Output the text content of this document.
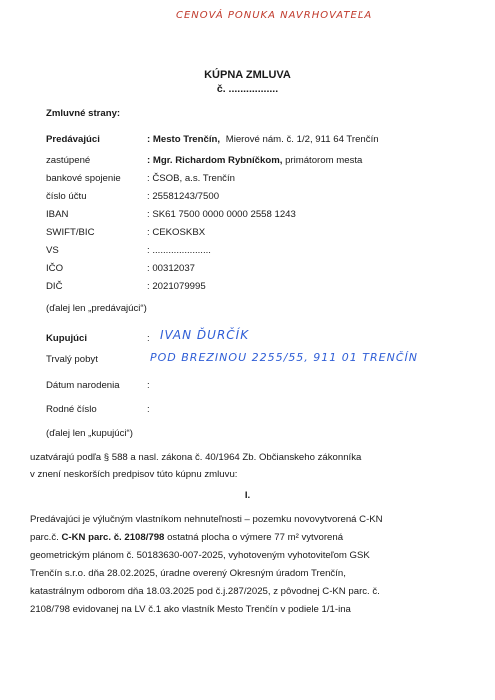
CENOVÁ PONUKA NAVRHOVATEĽA
KÚPNA ZMLUVA
č. .................
Zmluvné strany:
Predávajúci	: Mesto Trenčín, Mierové nám. č. 1/2, 911 64 Trenčín
zastúpené	: Mgr. Richardom Rybníčkom, primátorom mesta
bankové spojenie	: ČSOB, a.s. Trenčín
číslo účtu	: 25581243/7500
IBAN	: SK61 7500 0000 0000 2558 1243
SWIFT/BIC	: CEKOSKBX
VS	: ......................
IČO	: 00312037
DIČ	: 2021079995
(ďalej len „predávajúci“)
Kupujúci	: IVAN ĎURČÍK
Trvalý pobyt	POD BREZINOU 2255/55, 911 01 TRENČÍN
Dátum narodenia	:
Rodné číslo	:
(ďalej len „kupujúci“)
uzatvárajú podľa § 588 a nasl. zákona č. 40/1964 Zb. Občianskeho zákonníka
v znení neskorších predpisov túto kúpnu zmluvu:
I.
Predávajúci je výlučným vlastníkom nehnuteľnosti – pozemku novovytvorená C-KN
parc.č. C-KN parc. č. 2108/798 ostatná plocha o výmere 77 m² vytvorená
geometrickým plánom č. 50183630-007-2025, vyhotoveným vyhotoviteľom GSK
Trenčín s.r.o. dňa 28.02.2025, úradne overený Okresným úradom Trenčín,
katastrálnym odborom dňa 18.03.2025 pod č.j.287/2025, z pôvodnej C-KN parc. č.
2108/798 evidovanej na LV č.1 ako vlastník Mesto Trenčín v podiele 1/1-ina
